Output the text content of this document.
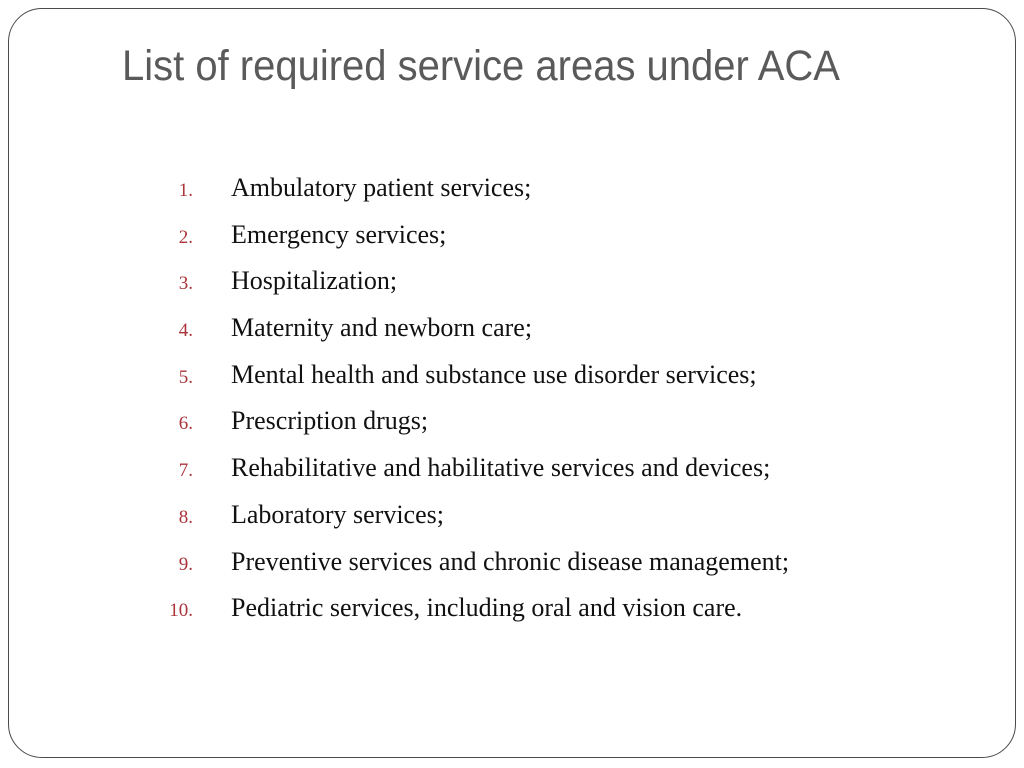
List of required service areas under ACA
1. Ambulatory patient services;
2. Emergency services;
3. Hospitalization;
4. Maternity and newborn care;
5. Mental health and substance use disorder services;
6. Prescription drugs;
7. Rehabilitative and habilitative services and devices;
8. Laboratory services;
9. Preventive services and chronic disease management;
10. Pediatric services, including oral and vision care.
